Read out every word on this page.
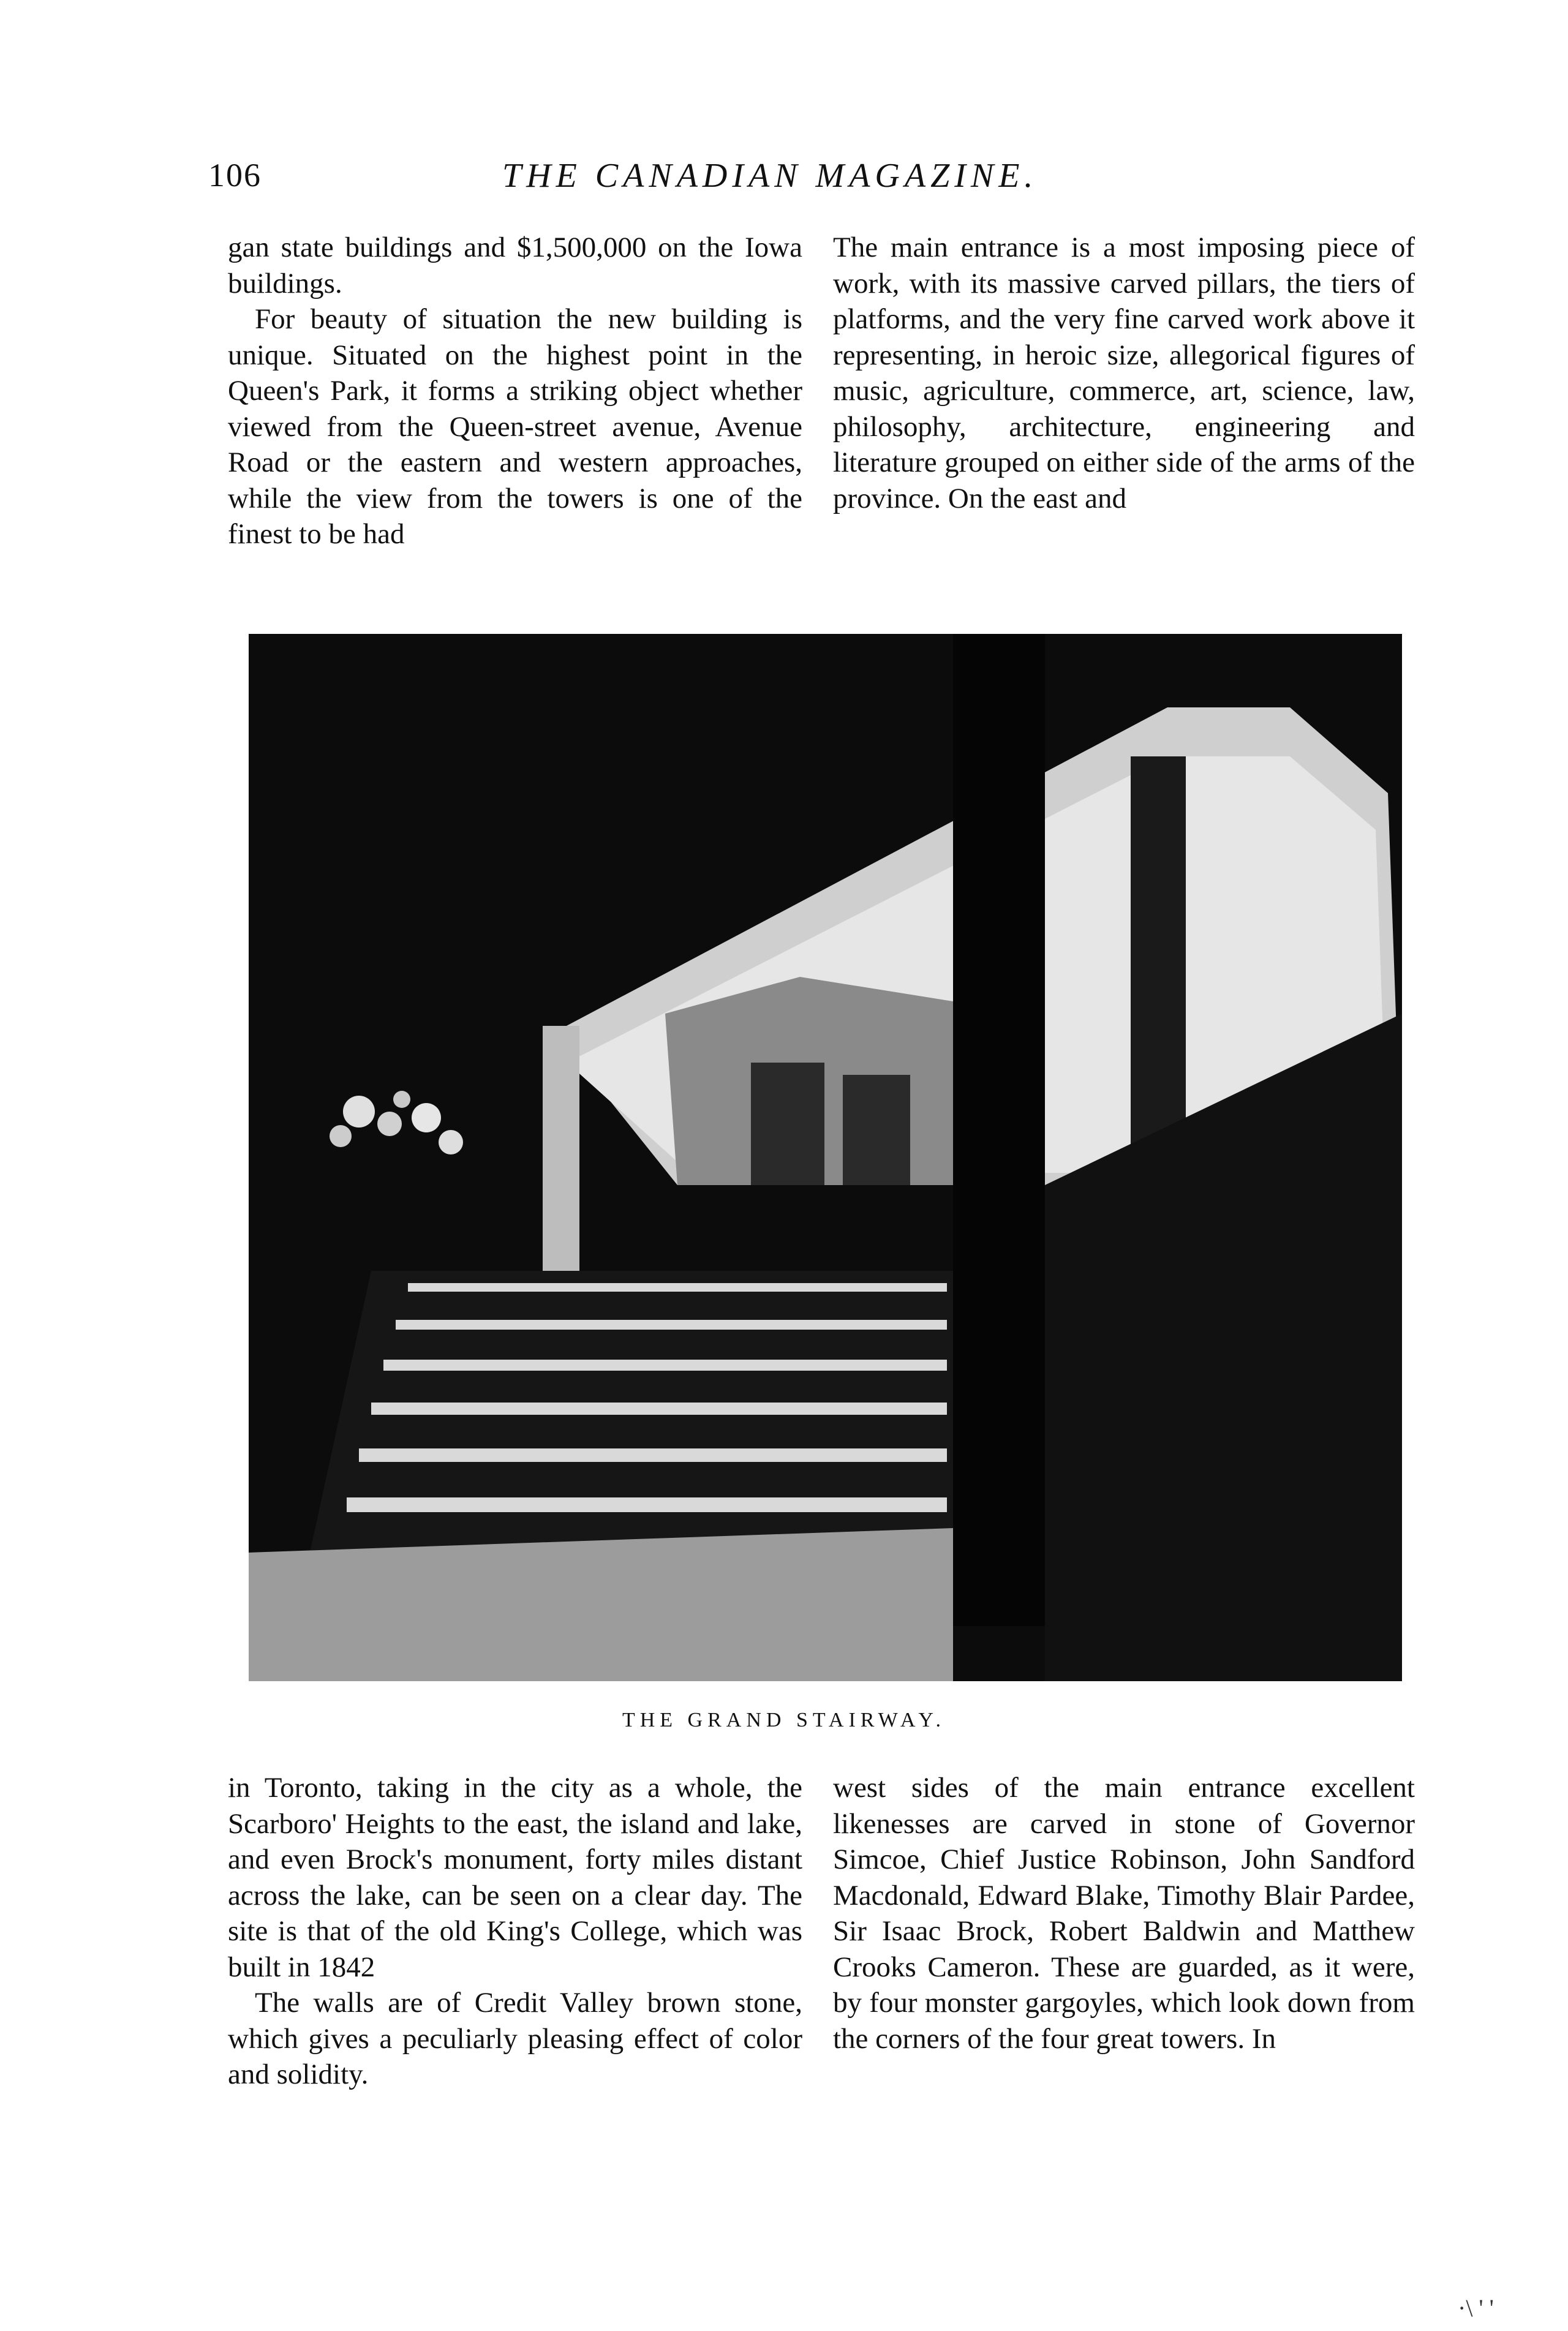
106	THE CANADIAN MAGAZINE.

gan state buildings and $1,500,000 on the Iowa buildings.

For beauty of situation the new building is unique. Situated on the highest point in the Queen's Park, it forms a striking object whether viewed from the Queen-street avenue, Avenue Road or the eastern and western approaches, while the view from the towers is one of the finest to be had

The main entrance is a most imposing piece of work, with its massive carved pillars, the tiers of platforms, and the very fine carved work above it representing, in heroic size, allegorical figures of music, agriculture, commerce, art, science, law, philosophy, architecture, engineering and literature grouped on either side of the arms of the province. On the east and

THE GRAND STAIRWAY.

in Toronto, taking in the city as a whole, the Scarboro' Heights to the east, the island and lake, and even Brock's monument, forty miles distant across the lake, can be seen on a clear day. The site is that of the old King's College, which was built in 1842

The walls are of Credit Valley brown stone, which gives a peculiarly pleasing effect of color and solidity.

west sides of the main entrance excellent likenesses are carved in stone of Governor Simcoe, Chief Justice Robinson, John Sandford Macdonald, Edward Blake, Timothy Blair Pardee, Sir Isaac Brock, Robert Baldwin and Matthew Crooks Cameron. These are guarded, as it were, by four monster gargoyles, which look down from the corners of the four great towers. In

·\ ' '
